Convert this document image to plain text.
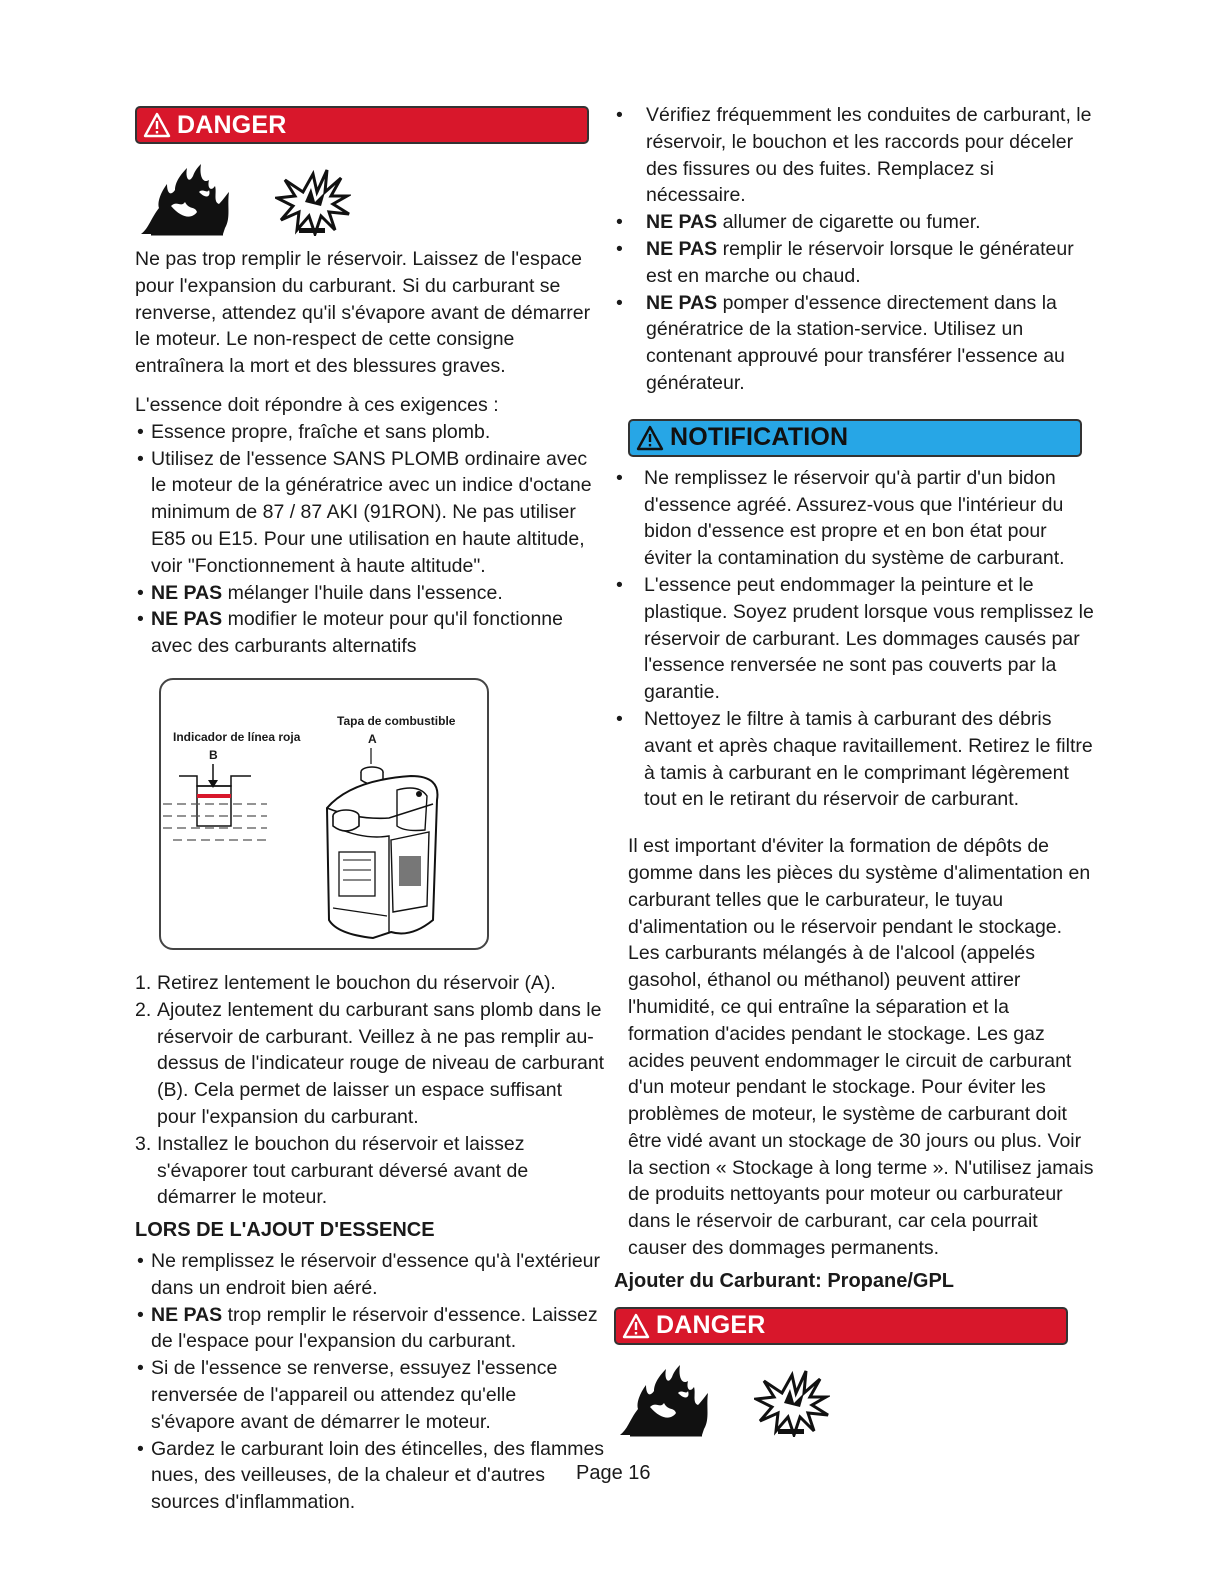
DANGER

Ne pas trop remplir le réservoir. Laissez de l'espace pour l'expansion du carburant. Si du carburant se renverse, attendez qu'il s'évapore avant de démarrer le moteur. Le non-respect de cette consigne entraînera la mort et des blessures graves.

L'essence doit répondre à ces exigences :

• Essence propre, fraîche et sans plomb.
• Utilisez de l'essence SANS PLOMB ordinaire avec le moteur de la génératrice avec un indice d'octane minimum de 87 / 87 AKI (91RON). Ne pas utiliser E85 ou E15. Pour une utilisation en haute altitude, voir "Fonctionnement à haute altitude".
• NE PAS mélanger l'huile dans l'essence.
• NE PAS modifier le moteur pour qu'il fonctionne avec des carburants alternatifs
Tapa de combustible
A
Indicador de línea roja
B
1. Retirez lentement le bouchon du réservoir (A).
2. Ajoutez lentement du carburant sans plomb dans le réservoir de carburant. Veillez à ne pas remplir au-dessus de l'indicateur rouge de niveau de carburant (B). Cela permet de laisser un espace suffisant pour l'expansion du carburant.
3. Installez le bouchon du réservoir et laissez s'évaporer tout carburant déversé avant de démarrer le moteur.

LORS DE L'AJOUT D'ESSENCE

• Ne remplissez le réservoir d'essence qu'à l'extérieur dans un endroit bien aéré.
• NE PAS trop remplir le réservoir d'essence. Laissez de l'espace pour l'expansion du carburant.
• Si de l'essence se renverse, essuyez l'essence renversée de l'appareil ou attendez qu'elle s'évapore avant de démarrer le moteur.
• Gardez le carburant loin des étincelles, des flammes nues, des veilleuses, de la chaleur et d'autres sources d'inflammation.
• Vérifiez fréquemment les conduites de carburant, le réservoir, le bouchon et les raccords pour déceler des fissures ou des fuites. Remplacez si nécessaire.
• NE PAS allumer de cigarette ou fumer.
• NE PAS remplir le réservoir lorsque le générateur est en marche ou chaud.
• NE PAS pomper d'essence directement dans la génératrice de la station-service. Utilisez un contenant approuvé pour transférer l'essence au générateur.
NOTIFICATION
• Ne remplissez le réservoir qu'à partir d'un bidon d'essence agréé. Assurez-vous que l'intérieur du bidon d'essence est propre et en bon état pour éviter la contamination du système de carburant.
• L'essence peut endommager la peinture et le plastique. Soyez prudent lorsque vous remplissez le réservoir de carburant. Les dommages causés par l'essence renversée ne sont pas couverts par la garantie.
• Nettoyez le filtre à tamis à carburant des débris avant et après chaque ravitaillement. Retirez le filtre à tamis à carburant en le comprimant légèrement tout en le retirant du réservoir de carburant.

Il est important d'éviter la formation de dépôts de gomme dans les pièces du système d'alimentation en carburant telles que le carburateur, le tuyau d'alimentation ou le réservoir pendant le stockage. Les carburants mélangés à de l'alcool (appelés gasohol, éthanol ou méthanol) peuvent attirer l'humidité, ce qui entraîne la séparation et la formation d'acides pendant le stockage. Les gaz acides peuvent endommager le circuit de carburant d'un moteur pendant le stockage. Pour éviter les problèmes de moteur, le système de carburant doit être vidé avant un stockage de 30 jours ou plus. Voir la section « Stockage à long terme ». N'utilisez jamais de produits nettoyants pour moteur ou carburateur dans le réservoir de carburant, car cela pourrait causer des dommages permanents.

Ajouter du Carburant: Propane/GPL

DANGER
Page 16
